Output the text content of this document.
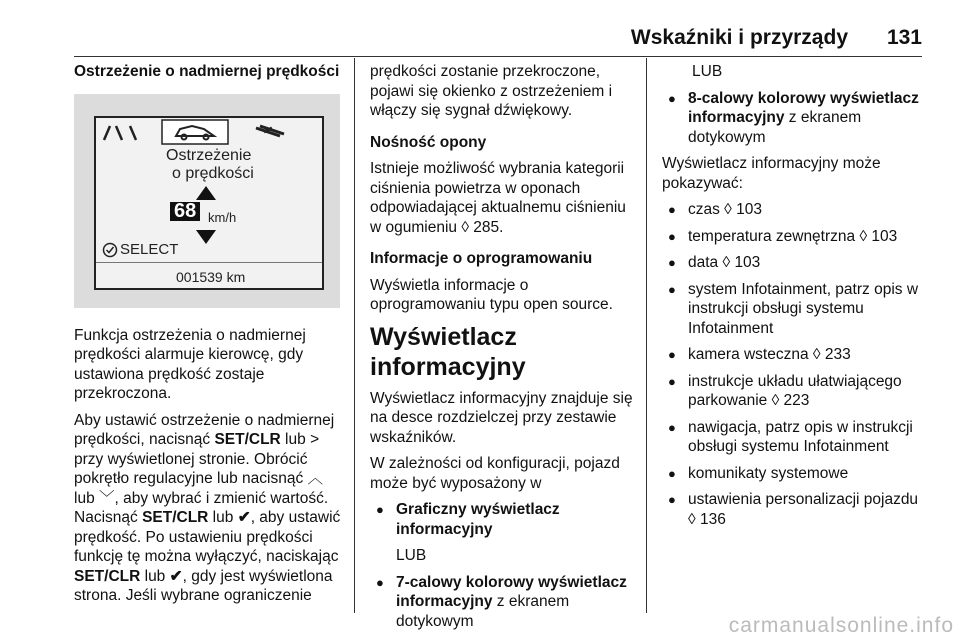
Wskaźniki i przyrządy 131

Ostrzeżenie o nadmiernej prędkości

Ostrzeżenie
o prędkości
68 km/h
SELECT
001539 km

Funkcja ostrzeżenia o nadmiernej prędkości alarmuje kierowcę, gdy ustawiona prędkość zostaje przekroczona.

Aby ustawić ostrzeżenie o nadmiernej prędkości, nacisnąć SET/CLR lub > przy wyświetlonej stronie. Obrócić pokrętło regulacyjne lub nacisnąć ︿ lub ﹀, aby wybrać i zmienić wartość. Nacisnąć SET/CLR lub ✔, aby ustawić prędkość. Po ustawieniu prędkości funkcję tę można wyłączyć, naciskając SET/CLR lub ✔, gdy jest wyświetlona strona. Jeśli wybrane ograniczenie

prędkości zostanie przekroczone, pojawi się okienko z ostrzeżeniem i włączy się sygnał dźwiękowy.

Nośność opony

Istnieje możliwość wybrania kategorii ciśnienia powietrza w oponach odpowiadającej aktualnemu ciśnieniu w ogumieniu ◊ 285.

Informacje o oprogramowaniu

Wyświetla informacje o oprogramowaniu typu open source.

Wyświetlacz informacyjny

Wyświetlacz informacyjny znajduje się na desce rozdzielczej przy zestawie wskaźników.

W zależności od konfiguracji, pojazd może być wyposażony w

● Graficzny wyświetlacz informacyjny

LUB

● 7-calowy kolorowy wyświetlacz informacyjny z ekranem dotykowym

LUB

● 8-calowy kolorowy wyświetlacz informacyjny z ekranem dotykowym

Wyświetlacz informacyjny może pokazywać:

● czas ◊ 103
● temperatura zewnętrzna ◊ 103
● data ◊ 103
● system Infotainment, patrz opis w instrukcji obsługi systemu Infotainment
● kamera wsteczna ◊ 233
● instrukcje układu ułatwiającego parkowanie ◊ 223
● nawigacja, patrz opis w instrukcji obsługi systemu Infotainment
● komunikaty systemowe
● ustawienia personalizacji pojazdu ◊ 136
carmanualsonline.info
